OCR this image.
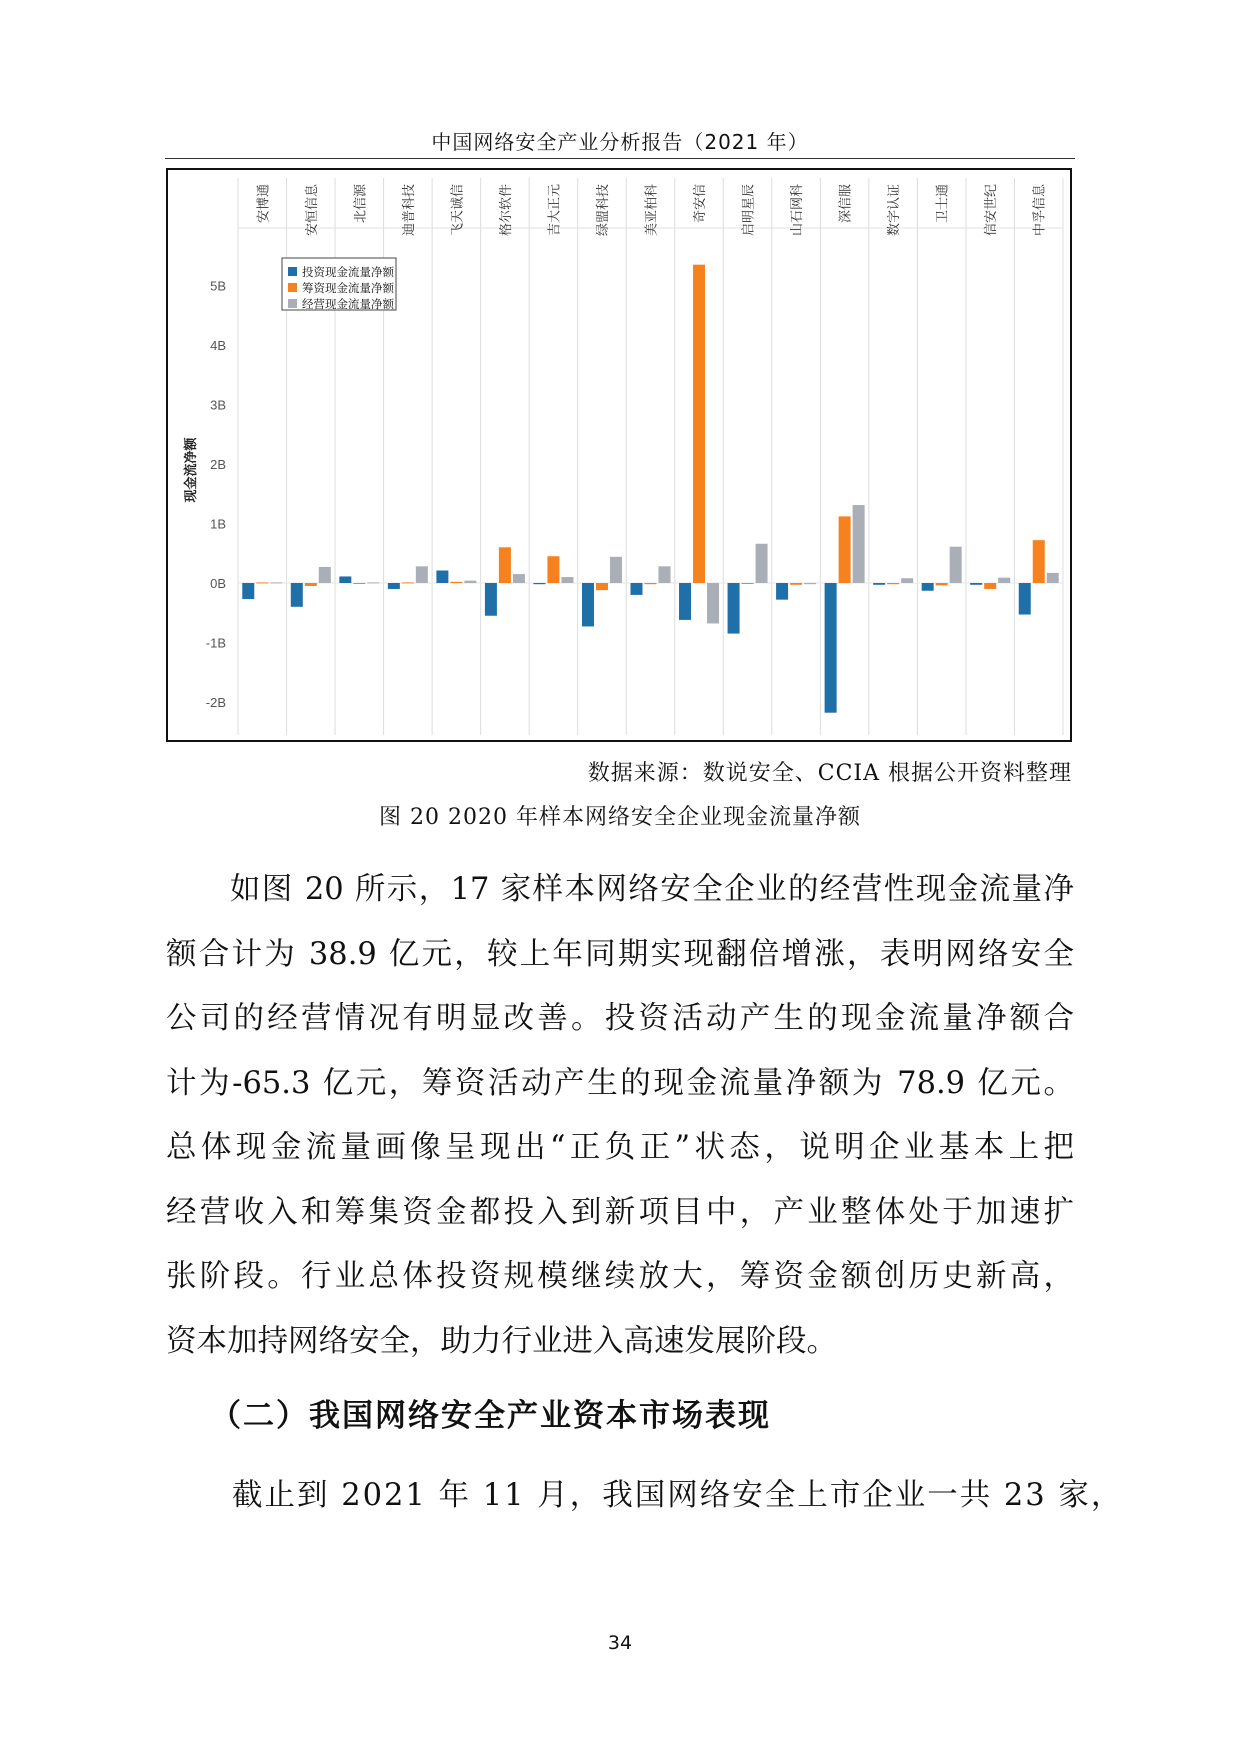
中国网络安全产业分析报告（2021 年）
5B
4B
3B
2B
1B
0B
-1B
-2B
现金流净额
安博通	安恒信息	北信源	迪普科技	飞天诚信	格尔软件	吉大正元	绿盟科技	美亚柏科	奇安信	启明星辰	山石网科	深信服	数字认证	卫士通	信安世纪	中孚信息
投资现金流量净额
筹资现金流量净额
经营现金流量净额
数据来源：数说安全、CCIA 根据公开资料整理
图 20 2020 年样本网络安全企业现金流量净额
　　如图 20 所示，17 家样本网络安全企业的经营性现金流量净
额合计为 38.9 亿元，较上年同期实现翻倍增涨，表明网络安全
公司的经营情况有明显改善。投资活动产生的现金流量净额合
计为-65.3 亿元，筹资活动产生的现金流量净额为 78.9 亿元。
总体现金流量画像呈现出“正负正”状态，说明企业基本上把
经营收入和筹集资金都投入到新项目中，产业整体处于加速扩
张阶段。行业总体投资规模继续放大，筹资金额创历史新高，
资本加持网络安全，助力行业进入高速发展阶段。
（二）我国网络安全产业资本市场表现
截止到 2021 年 11 月，我国网络安全上市企业一共 23 家，
34
